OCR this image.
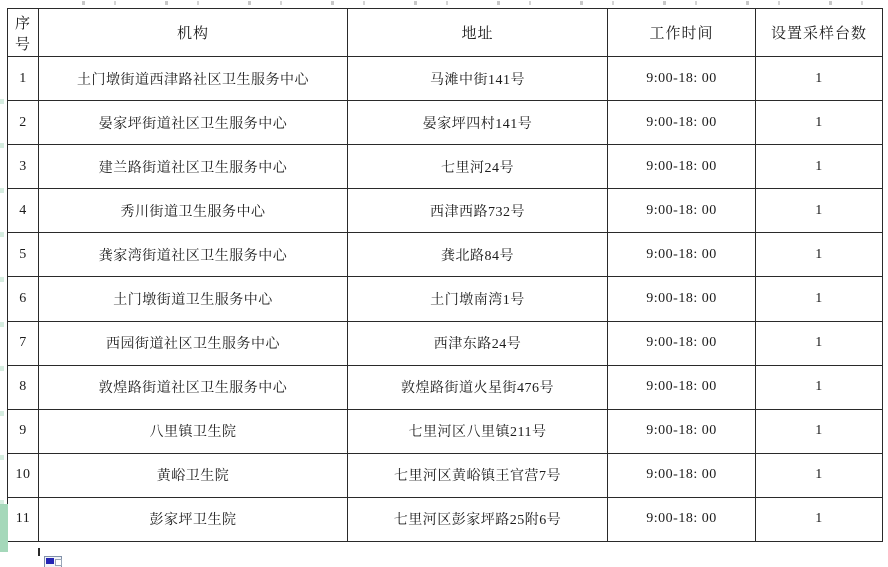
序号	机构	地址	工作时间	设置采样台数
1	土门墩街道西津路社区卫生服务中心	马滩中街141号	9:00-18: 00	1
2	晏家坪街道社区卫生服务中心	晏家坪四村141号	9:00-18: 00	1
3	建兰路街道社区卫生服务中心	七里河24号	9:00-18: 00	1
4	秀川街道卫生服务中心	西津西路732号	9:00-18: 00	1
5	龚家湾街道社区卫生服务中心	龚北路84号	9:00-18: 00	1
6	土门墩街道卫生服务中心	土门墩南湾1号	9:00-18: 00	1
7	西园街道社区卫生服务中心	西津东路24号	9:00-18: 00	1
8	敦煌路街道社区卫生服务中心	敦煌路街道火星街476号	9:00-18: 00	1
9	八里镇卫生院	七里河区八里镇211号	9:00-18: 00	1
10	黄峪卫生院	七里河区黄峪镇王官营7号	9:00-18: 00	1
11	彭家坪卫生院	七里河区彭家坪路25附6号	9:00-18: 00	1
